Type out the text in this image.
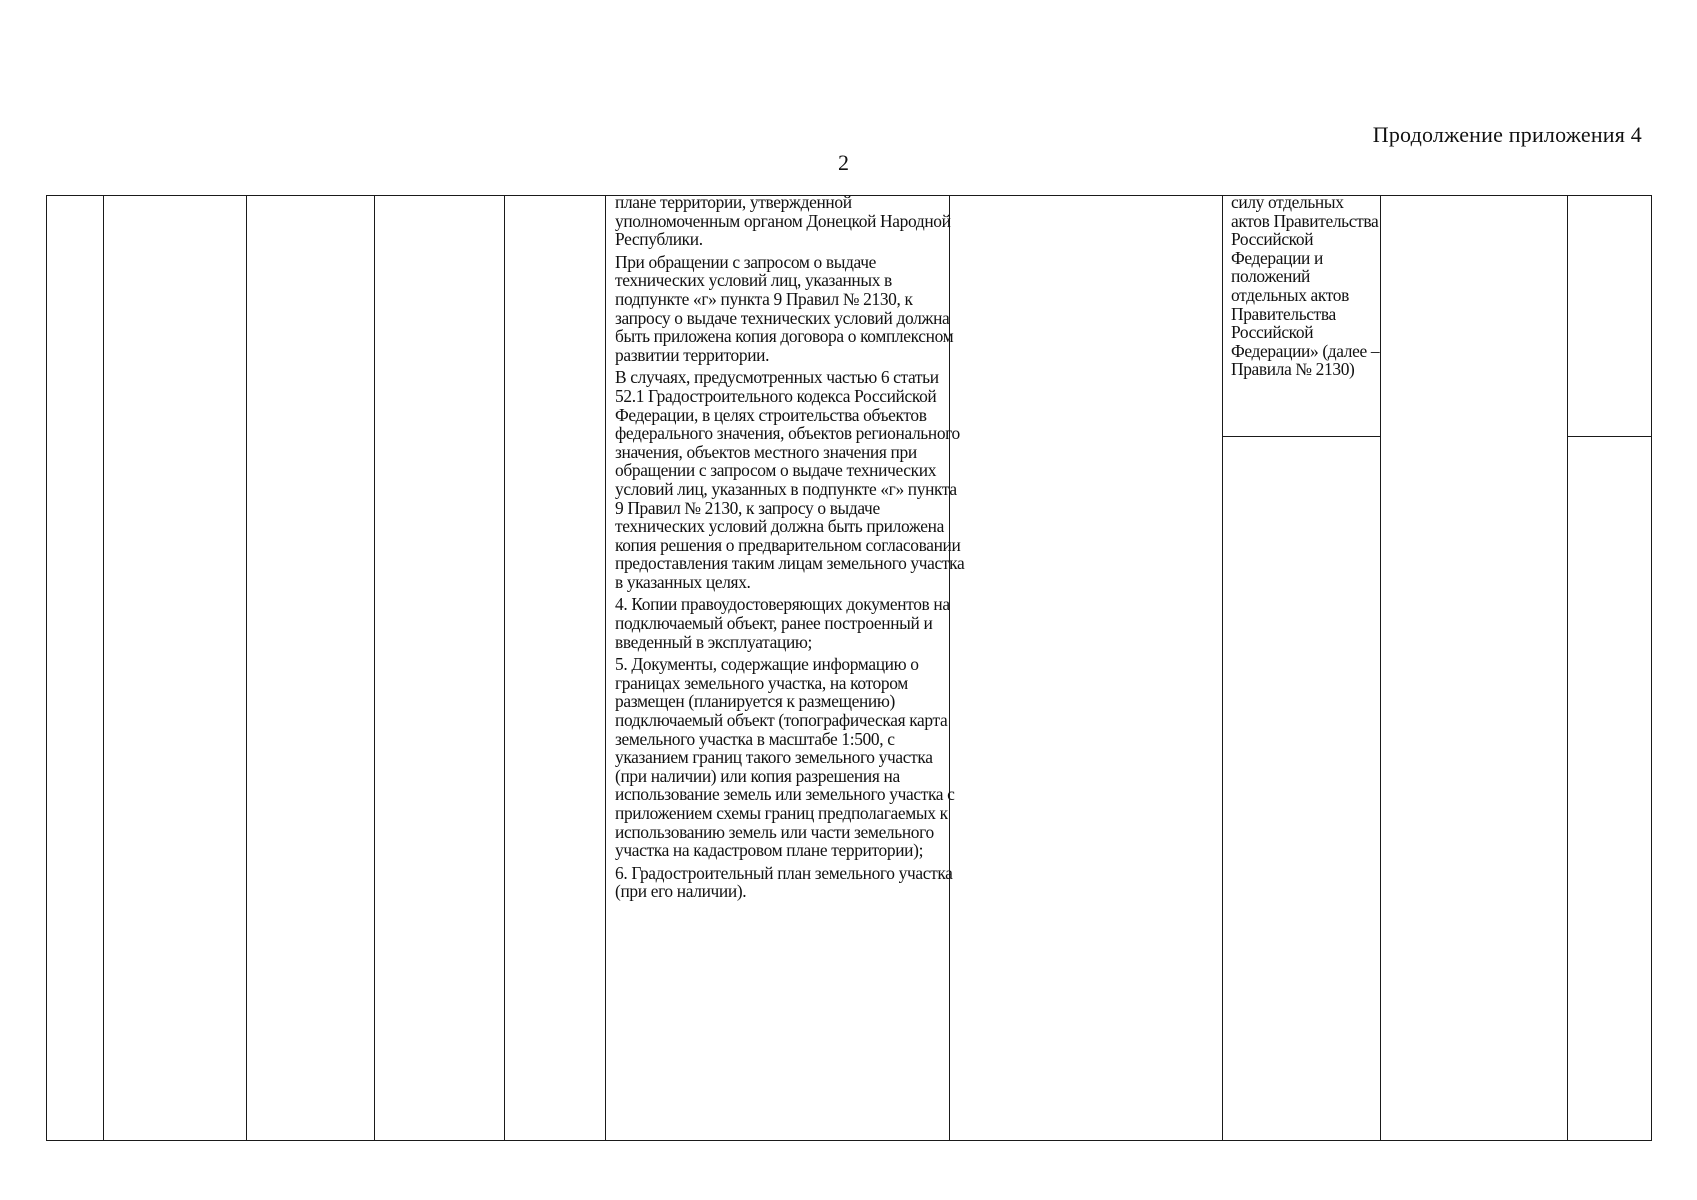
Продолжение приложения 4
2

плане территории, утвержденной уполномоченным органом Донецкой Народной Республики.

При обращении с запросом о выдаче технических условий лиц, указанных в подпункте «г» пункта 9 Правил № 2130, к запросу о выдаче технических условий должна быть приложена копия договора о комплексном развитии территории.

В случаях, предусмотренных частью 6 статьи 52.1 Градостроительного кодекса Российской Федерации, в целях строительства объектов федерального значения, объектов регионального значения, объектов местного значения при обращении с запросом о выдаче технических условий лиц, указанных в подпункте «г» пункта 9 Правил № 2130, к запросу о выдаче технических условий должна быть приложена копия решения о предварительном согласовании предоставления таким лицам земельного участка в указанных целях.

4. Копии правоудостоверяющих документов на подключаемый объект, ранее построенный и введенный в эксплуатацию;

5. Документы, содержащие информацию о границах земельного участка, на котором размещен (планируется к размещению) подключаемый объект (топографическая карта земельного участка в масштабе 1:500, с указанием границ такого земельного участка (при наличии) или копия разрешения на использование земель или земельного участка с приложением схемы границ предполагаемых к использованию земель или части земельного участка на кадастровом плане территории);

6. Градостроительный план земельного участка (при его наличии).

силу отдельных актов Правительства Российской Федерации и положений отдельных актов Правительства Российской Федерации» (далее – Правила № 2130)
